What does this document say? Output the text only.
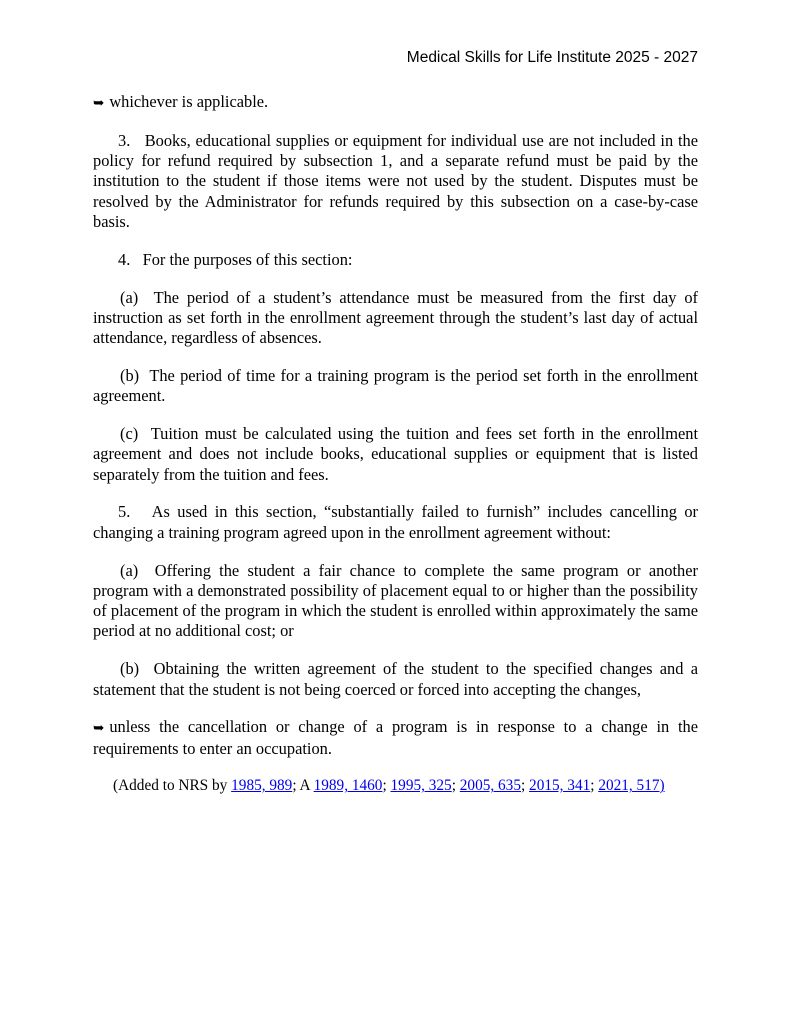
Medical Skills for Life Institute 2025 - 2027

➥ whichever is applicable.

3.   Books, educational supplies or equipment for individual use are not included in the policy for refund required by subsection 1, and a separate refund must be paid by the institution to the student if those items were not used by the student. Disputes must be resolved by the Administrator for refunds required by this subsection on a case-by-case basis.

4.   For the purposes of this section:

(a)  The period of a student’s attendance must be measured from the first day of instruction as set forth in the enrollment agreement through the student’s last day of actual attendance, regardless of absences.

(b)  The period of time for a training program is the period set forth in the enrollment agreement.

(c)  Tuition must be calculated using the tuition and fees set forth in the enrollment agreement and does not include books, educational supplies or equipment that is listed separately from the tuition and fees.

5.   As used in this section, “substantially failed to furnish” includes cancelling or changing a training program agreed upon in the enrollment agreement without:

(a)  Offering the student a fair chance to complete the same program or another program with a demonstrated possibility of placement equal to or higher than the possibility of placement of the program in which the student is enrolled within approximately the same period at no additional cost; or

(b)  Obtaining the written agreement of the student to the specified changes and a statement that the student is not being coerced or forced into accepting the changes,

➥ unless the cancellation or change of a program is in response to a change in the requirements to enter an occupation.

(Added to NRS by 1985, 989; A 1989, 1460; 1995, 325; 2005, 635; 2015, 341; 2021, 517)
